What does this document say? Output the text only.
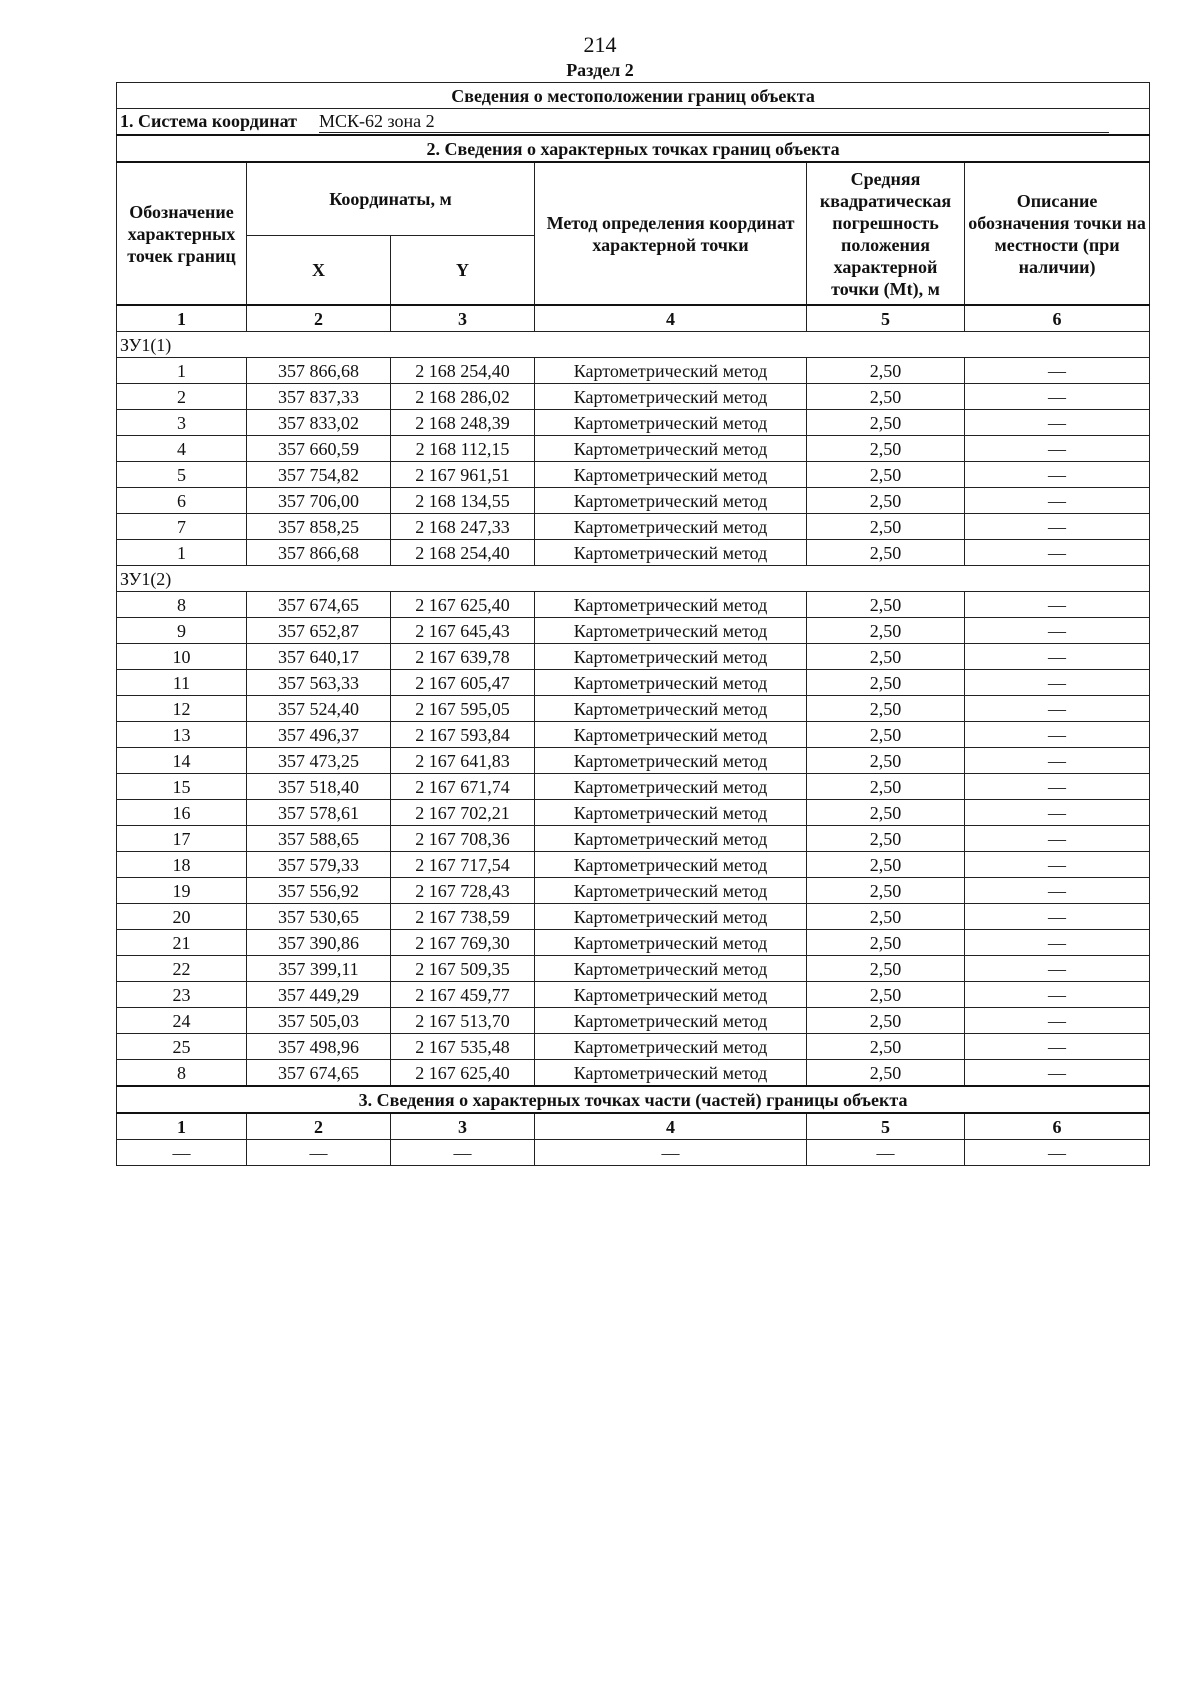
214
Раздел 2
Сведения о местоположении границ объекта					
1. Система координат МСК-62 зона 2					
2. Сведения о характерных точках границ объекта					
Обозначение характерных точек границ	Координаты, м		Метод определения координат характерной точки	Средняя квадратическая погрешность положения характерной точки (Mt), м	Описание обозначения точки на местности (при наличии)
	X	Y			
1	2	3	4	5	6
ЗУ1(1)					
1	357 866,68	2 168 254,40	Картометрический метод	2,50	—
2	357 837,33	2 168 286,02	Картометрический метод	2,50	—
3	357 833,02	2 168 248,39	Картометрический метод	2,50	—
4	357 660,59	2 168 112,15	Картометрический метод	2,50	—
5	357 754,82	2 167 961,51	Картометрический метод	2,50	—
6	357 706,00	2 168 134,55	Картометрический метод	2,50	—
7	357 858,25	2 168 247,33	Картометрический метод	2,50	—
1	357 866,68	2 168 254,40	Картометрический метод	2,50	—
ЗУ1(2)					
8	357 674,65	2 167 625,40	Картометрический метод	2,50	—
9	357 652,87	2 167 645,43	Картометрический метод	2,50	—
10	357 640,17	2 167 639,78	Картометрический метод	2,50	—
11	357 563,33	2 167 605,47	Картометрический метод	2,50	—
12	357 524,40	2 167 595,05	Картометрический метод	2,50	—
13	357 496,37	2 167 593,84	Картометрический метод	2,50	—
14	357 473,25	2 167 641,83	Картометрический метод	2,50	—
15	357 518,40	2 167 671,74	Картометрический метод	2,50	—
16	357 578,61	2 167 702,21	Картометрический метод	2,50	—
17	357 588,65	2 167 708,36	Картометрический метод	2,50	—
18	357 579,33	2 167 717,54	Картометрический метод	2,50	—
19	357 556,92	2 167 728,43	Картометрический метод	2,50	—
20	357 530,65	2 167 738,59	Картометрический метод	2,50	—
21	357 390,86	2 167 769,30	Картометрический метод	2,50	—
22	357 399,11	2 167 509,35	Картометрический метод	2,50	—
23	357 449,29	2 167 459,77	Картометрический метод	2,50	—
24	357 505,03	2 167 513,70	Картометрический метод	2,50	—
25	357 498,96	2 167 535,48	Картометрический метод	2,50	—
8	357 674,65	2 167 625,40	Картометрический метод	2,50	—
3. Сведения о характерных точках части (частей) границы объекта					
1	2	3	4	5	6
—	—	—	—	—	—
